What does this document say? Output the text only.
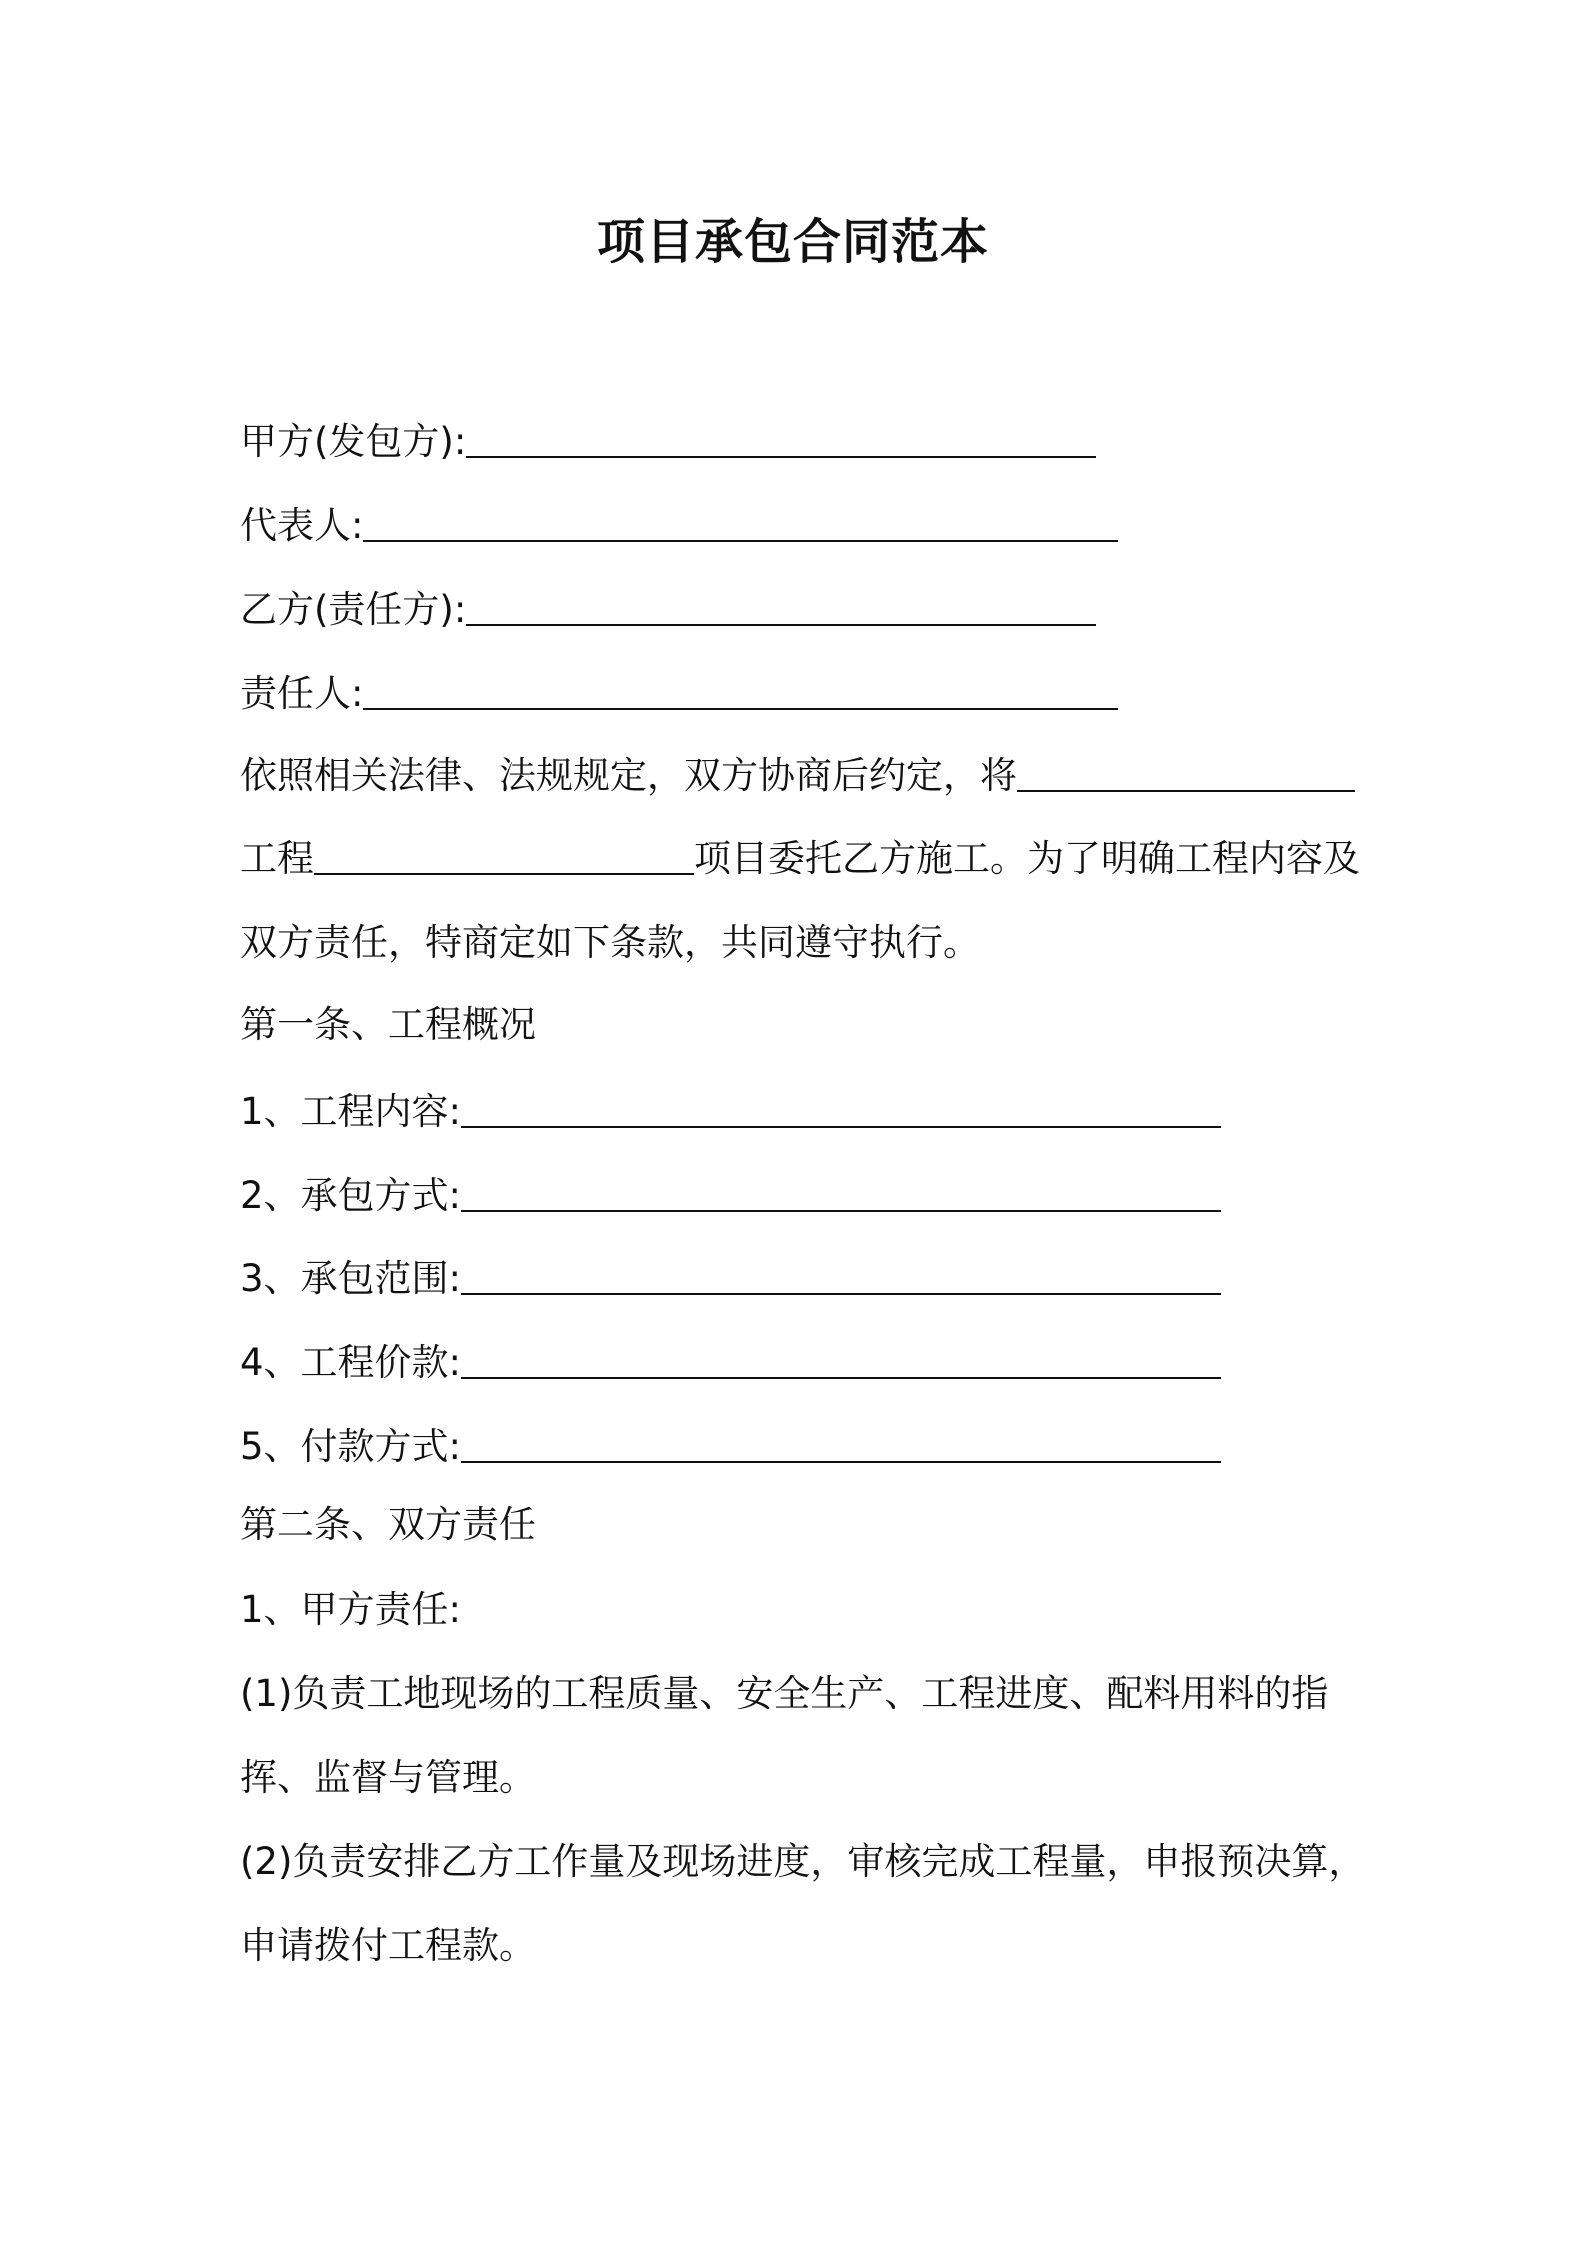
项目承包合同范本
甲方(发包方):
代表人:
乙方(责任方):
责任人:
依照相关法律、法规规定，双方协商后约定，将
工程	项目委托乙方施工。为了明确工程内容及
双方责任，特商定如下条款，共同遵守执行。
第一条、工程概况
1、工程内容:
2、承包方式:
3、承包范围:
4、工程价款:
5、付款方式:
第二条、双方责任
1、甲方责任:
(1)负责工地现场的工程质量、安全生产、工程进度、配料用料的指
挥、监督与管理。
(2)负责安排乙方工作量及现场进度，审核完成工程量，申报预决算，
申请拨付工程款。
